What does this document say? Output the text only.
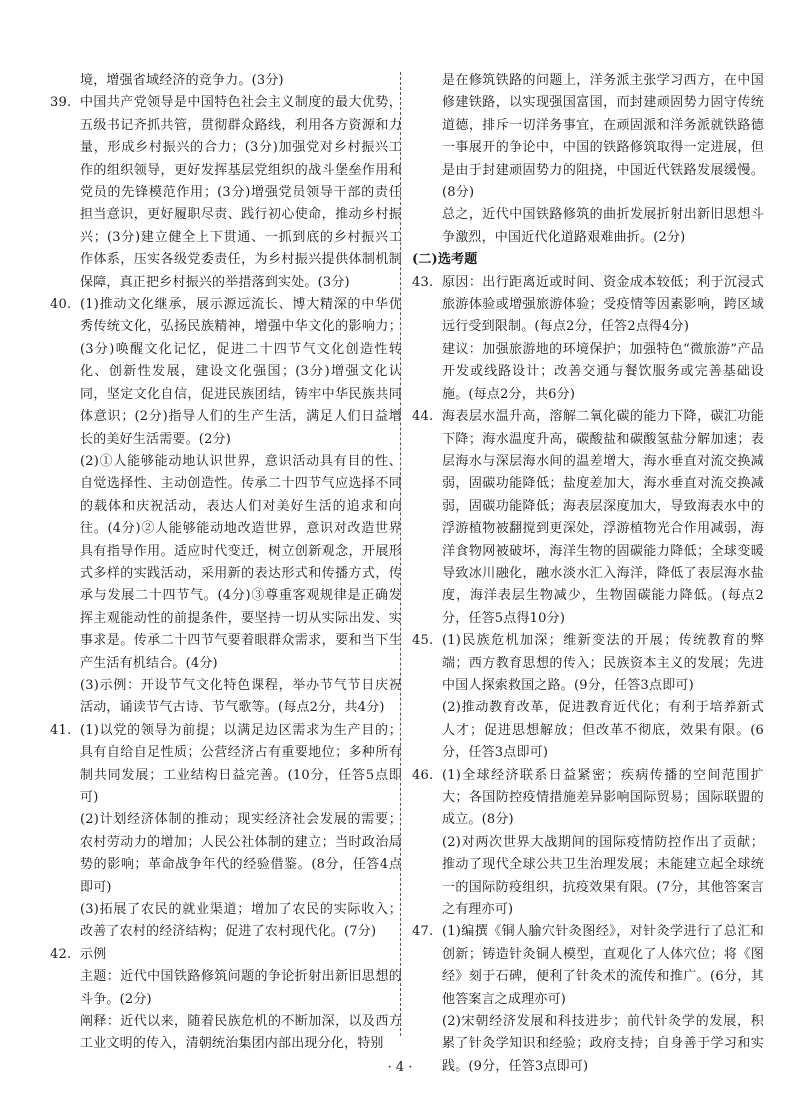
境，增强省域经济的竞争力。(3分)

39. 中国共产党领导是中国特色社会主义制度的最大优势，五级书记齐抓共管，贯彻群众路线，利用各方资源和力量，形成乡村振兴的合力；(3分)加强党对乡村振兴工作的组织领导，更好发挥基层党组织的战斗堡垒作用和党员的先锋模范作用；(3分)增强党员领导干部的责任担当意识，更好履职尽责、践行初心使命，推动乡村振兴；(3分)建立健全上下贯通、一抓到底的乡村振兴工作体系，压实各级党委责任，为乡村振兴提供体制机制保障，真正把乡村振兴的举措落到实处。(3分)

40. (1)推动文化继承，展示源远流长、博大精深的中华优秀传统文化，弘扬民族精神，增强中华文化的影响力；(3分)唤醒文化记忆，促进二十四节气文化创造性转化、创新性发展，建设文化强国；(3分)增强文化认同，坚定文化自信，促进民族团结，铸牢中华民族共同体意识；(2分)指导人们的生产生活，满足人们日益增长的美好生活需要。(2分)

(2)①人能够能动地认识世界，意识活动具有目的性、自觉选择性、主动创造性。传承二十四节气应选择不同的载体和庆祝活动，表达人们对美好生活的追求和向往。(4分)②人能够能动地改造世界，意识对改造世界具有指导作用。适应时代变迁，树立创新观念，开展形式多样的实践活动，采用新的表达形式和传播方式，传承与发展二十四节气。(4分)③尊重客观规律是正确发挥主观能动性的前提条件，要坚持一切从实际出发、实事求是。传承二十四节气要着眼群众需求，要和当下生产生活有机结合。(4分)

(3)示例：开设节气文化特色课程，举办节气节日庆祝活动，诵读节气古诗、节气歌等。(每点2分，共4分)

41. (1)以党的领导为前提；以满足边区需求为生产目的；具有自给自足性质；公营经济占有重要地位；多种所有制共同发展；工业结构日益完善。(10分，任答5点即可)

(2)计划经济体制的推动；现实经济社会发展的需要；农村劳动力的增加；人民公社体制的建立；当时政治局势的影响；革命战争年代的经验借鉴。(8分，任答4点即可)

(3)拓展了农民的就业渠道；增加了农民的实际收入；改善了农村的经济结构；促进了农村现代化。(7分)

42. 示例

主题：近代中国铁路修筑问题的争论折射出新旧思想的斗争。(2分)

阐释：近代以来，随着民族危机的不断加深，以及西方工业文明的传入，清朝统治集团内部出现分化，特别

是在修筑铁路的问题上，洋务派主张学习西方，在中国修建铁路，以实现强国富国，而封建顽固势力固守传统道德，排斥一切洋务事宜，在顽固派和洋务派就铁路德一事展开的争论中，中国的铁路修筑取得一定进展，但是由于封建顽固势力的阻挠，中国近代铁路发展缓慢。(8分)

总之，近代中国铁路修筑的曲折发展折射出新旧思想斗争激烈，中国近代化道路艰难曲折。(2分)

(二)选考题

43. 原因：出行距离近或时间、资金成本较低；利于沉浸式旅游体验或增强旅游体验；受疫情等因素影响，跨区域远行受到限制。(每点2分，任答2点得4分)

建议：加强旅游地的环境保护；加强特色“微旅游”产品开发或线路设计；改善交通与餐饮服务或完善基础设施。(每点2分，共6分)

44. 海表层水温升高，溶解二氧化碳的能力下降，碳汇功能下降；海水温度升高，碳酸盐和碳酸氢盐分解加速；表层海水与深层海水间的温差增大，海水垂直对流交换减弱，固碳功能降低；盐度差加大，海水垂直对流交换减弱，固碳功能降低；海表层深度加大，导致海表水中的浮游植物被翻搅到更深处，浮游植物光合作用减弱，海洋食物网被破坏，海洋生物的固碳能力降低；全球变暖导致冰川融化，融水淡水汇入海洋，降低了表层海水盐度，海洋表层生物减少，生物固碳能力降低。(每点2分，任答5点得10分)

45. (1)民族危机加深；维新变法的开展；传统教育的弊端；西方教育思想的传入；民族资本主义的发展；先进中国人探索救国之路。(9分，任答3点即可)

(2)推动教育改革，促进教育近代化；有利于培养新式人才；促进思想解放；但改革不彻底，效果有限。(6分，任答3点即可)

46. (1)全球经济联系日益紧密；疾病传播的空间范围扩大；各国防控疫情措施差异影响国际贸易；国际联盟的成立。(8分)

(2)对两次世界大战期间的国际疫情防控作出了贡献；推动了现代全球公共卫生治理发展；未能建立起全球统一的国际防疫组织，抗疫效果有限。(7分，其他答案言之有理亦可)

47. (1)编撰《铜人腧穴针灸图经》，对针灸学进行了总汇和创新；铸造针灸铜人模型，直观化了人体穴位；将《图经》刻于石碑，便利了针灸术的流传和推广。(6分，其他答案言之成理亦可)

(2)宋朝经济发展和科技进步；前代针灸学的发展，积累了针灸学知识和经验；政府支持；自身善于学习和实践。(9分，任答3点即可)

· 4 ·
